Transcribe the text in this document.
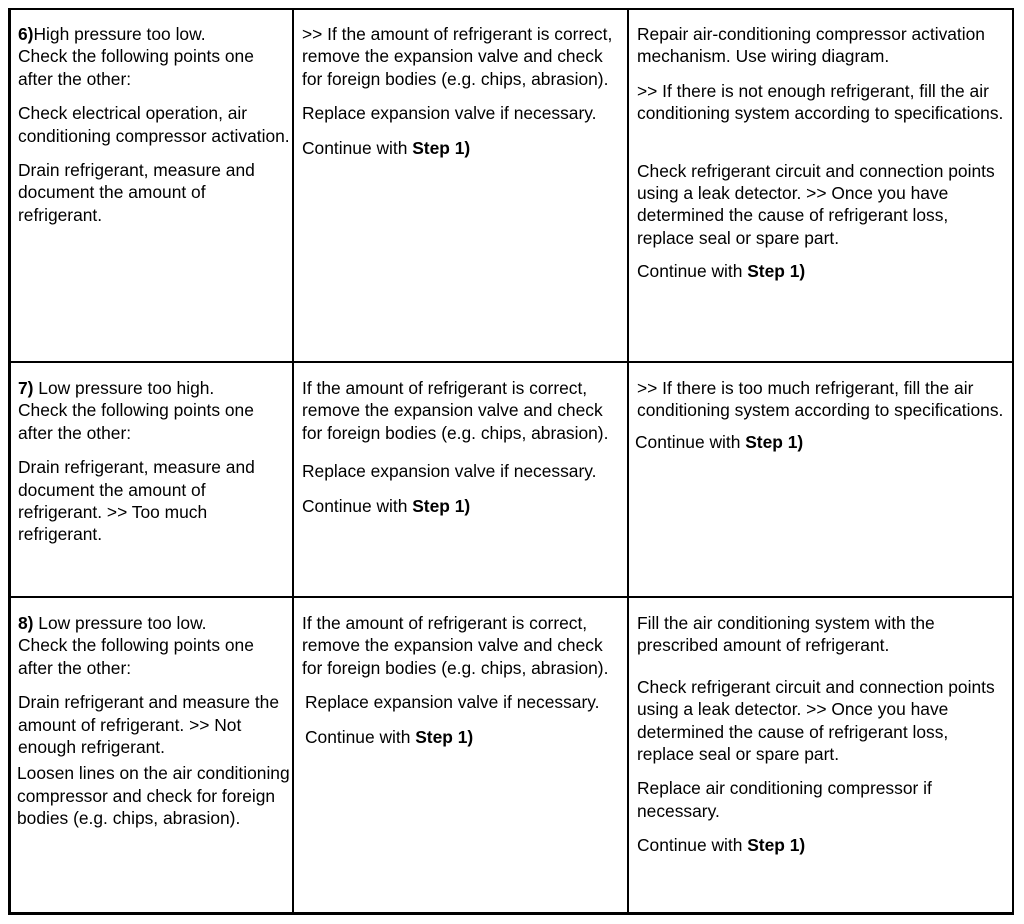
6)High pressure too low.

Check the following points one after the other:

Check electrical operation, air conditioning compressor activation.

Drain refrigerant, measure and document the amount of refrigerant.

>> If the amount of refrigerant is correct, remove the expansion valve and check for foreign bodies (e.g. chips, abrasion).

Replace expansion valve if necessary.

Continue with Step 1)

Repair air-conditioning compressor activation mechanism. Use wiring diagram.

>> If there is not enough refrigerant, fill the air conditioning system according to specifications.

Check refrigerant circuit and connection points using a leak detector. >> Once you have determined the cause of refrigerant loss, replace seal or spare part.

Continue with Step 1)

7) Low pressure too high.

Check the following points one after the other:

Drain refrigerant, measure and document the amount of refrigerant. >> Too much refrigerant.

If the amount of refrigerant is correct, remove the expansion valve and check for foreign bodies (e.g. chips, abrasion).

Replace expansion valve if necessary.

Continue with Step 1)

>> If there is too much refrigerant, fill the air conditioning system according to specifications.

Continue with Step 1)

8) Low pressure too low.

Check the following points one after the other:

Drain refrigerant and measure the amount of refrigerant. >> Not enough refrigerant.

Loosen lines on the air conditioning compressor and check for foreign bodies (e.g. chips, abrasion).

If the amount of refrigerant is correct, remove the expansion valve and check for foreign bodies (e.g. chips, abrasion).

Replace expansion valve if necessary.

Continue with Step 1)

Fill the air conditioning system with the prescribed amount of refrigerant.

Check refrigerant circuit and connection points using a leak detector. >> Once you have determined the cause of refrigerant loss, replace seal or spare part.

Replace air conditioning compressor if necessary.

Continue with Step 1)
